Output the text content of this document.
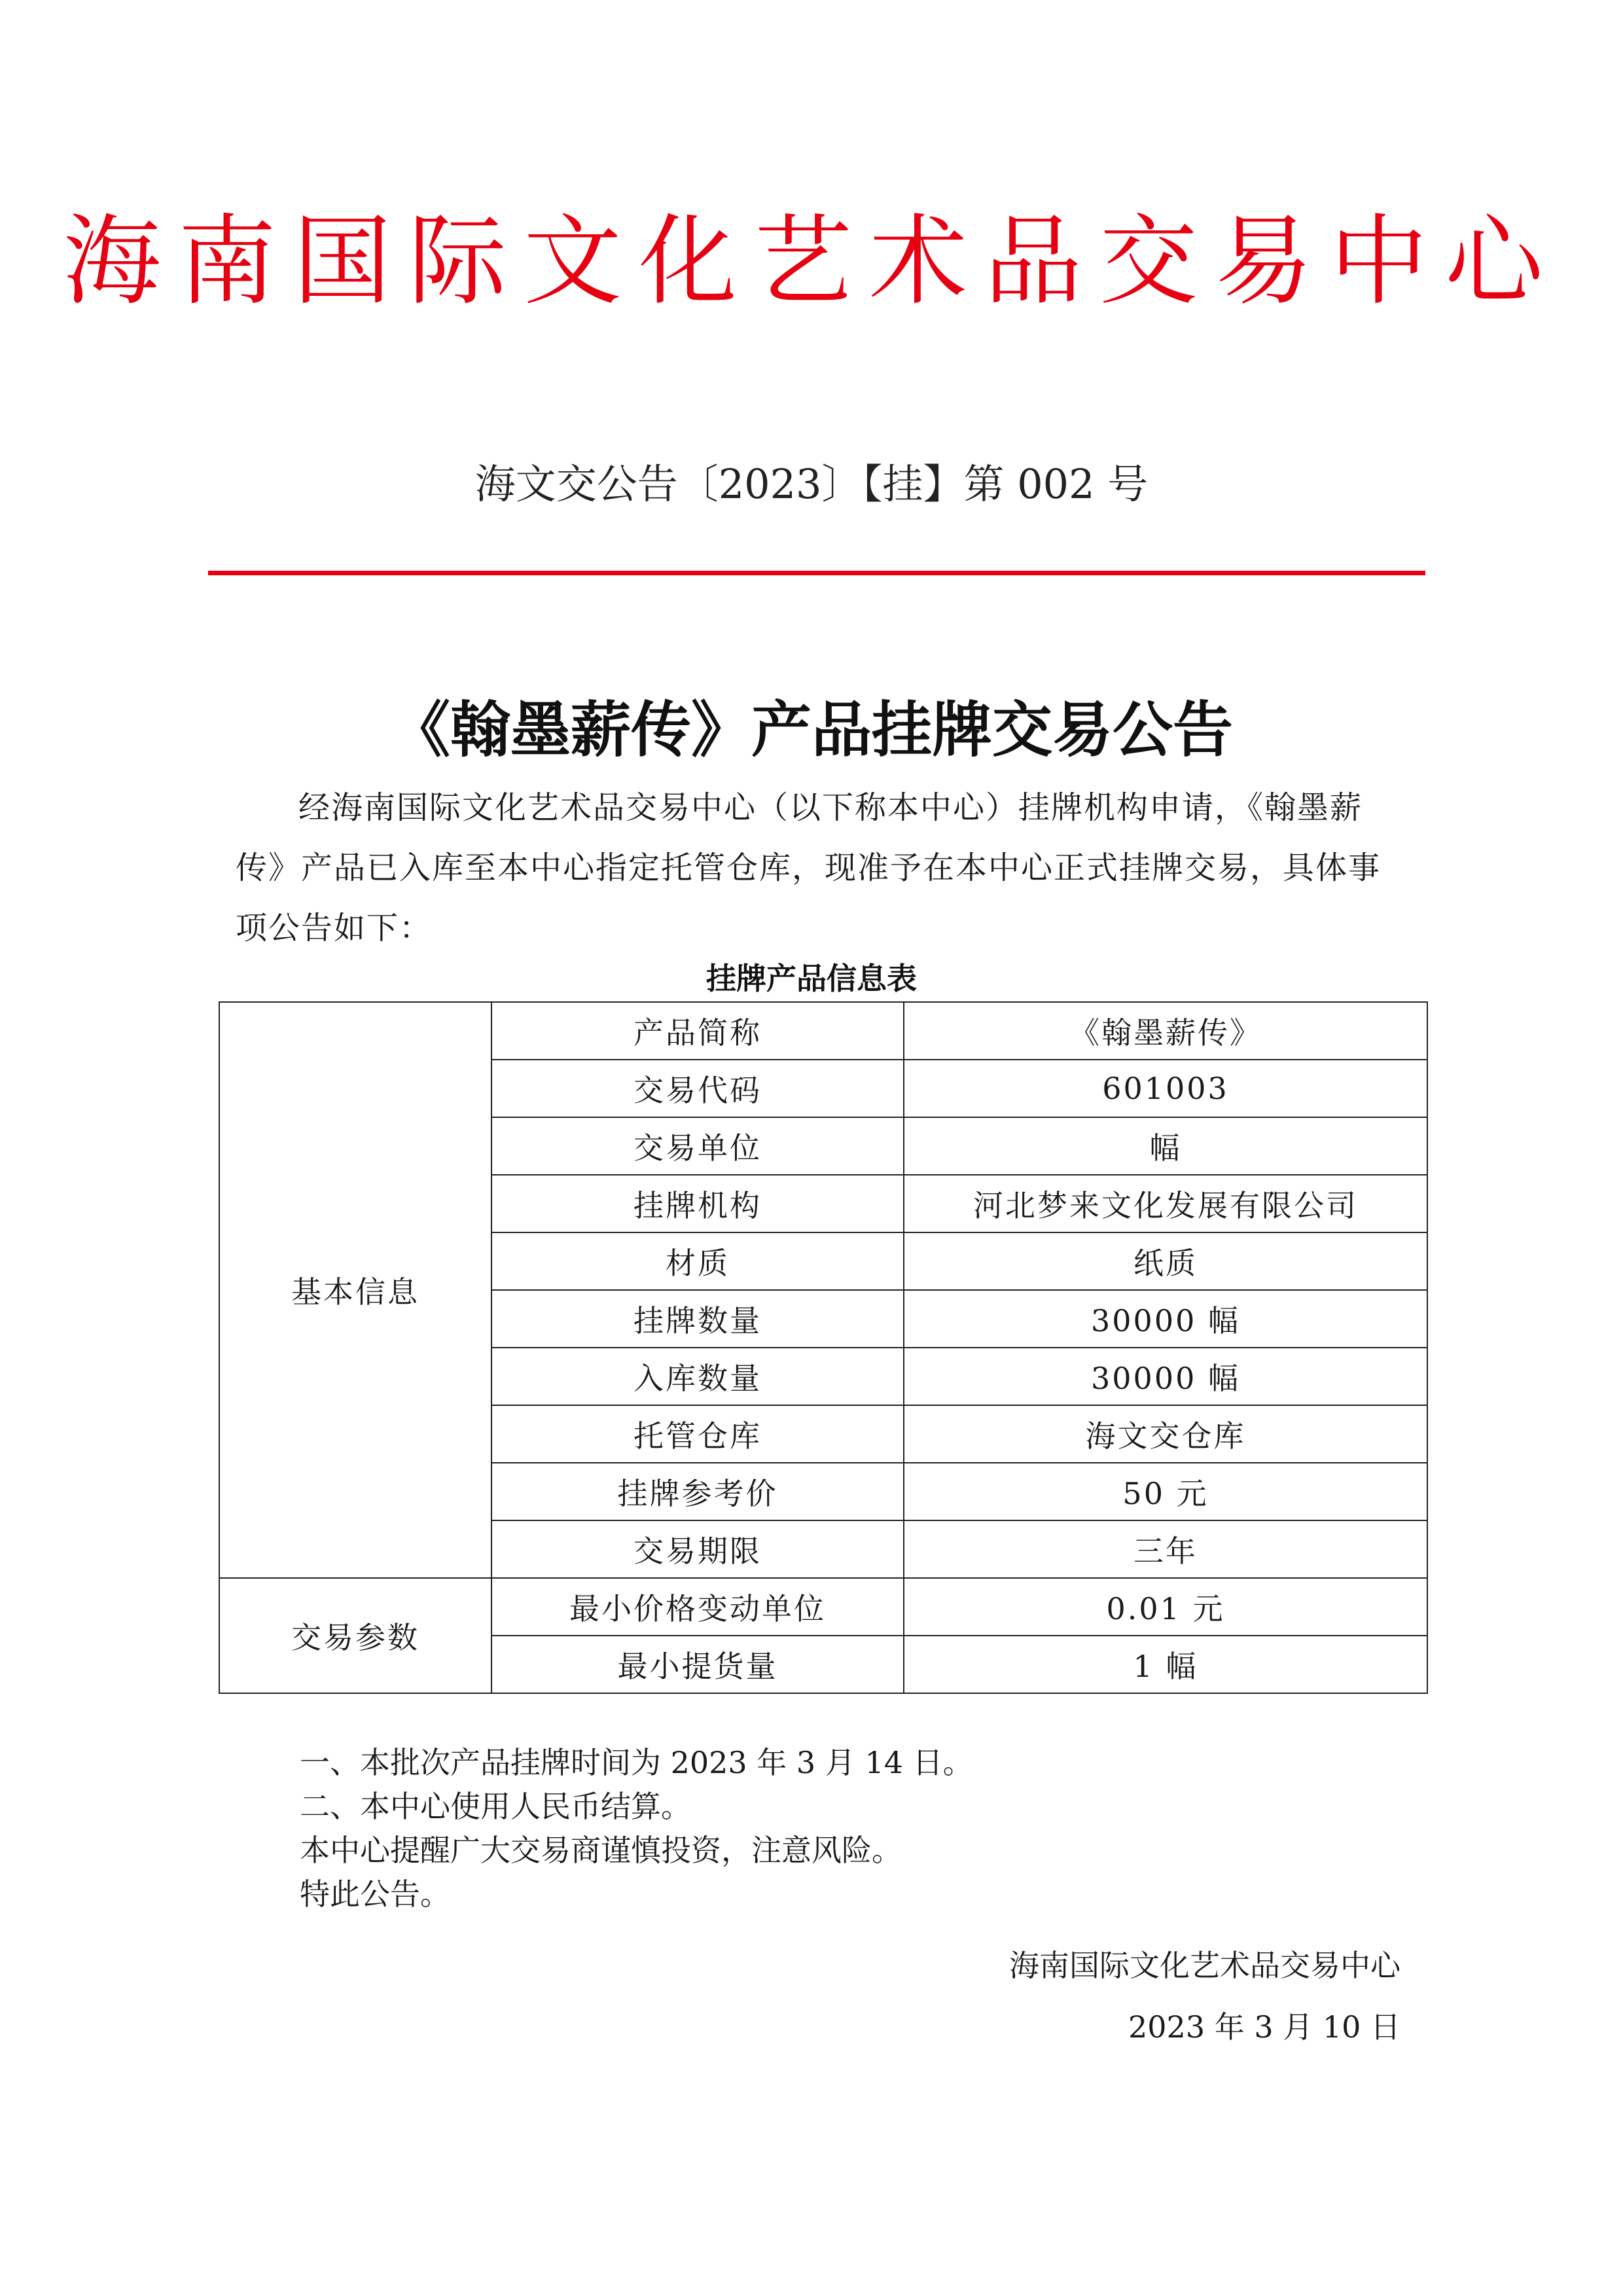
海南国际文化艺术品交易中心
海文交公告〔2023〕【挂】第 002 号
《翰墨薪传》产品挂牌交易公告

经海南国际文化艺术品交易中心（以下称本中心）挂牌机构申请，《翰墨薪传》产品已入库至本中心指定托管仓库，现准予在本中心正式挂牌交易，具体事项公告如下：

挂牌产品信息表
基本信息	产品简称	《翰墨薪传》
	交易代码	601003
	交易单位	幅
	挂牌机构	河北梦来文化发展有限公司
	材质	纸质
	挂牌数量	30000 幅
	入库数量	30000 幅
	托管仓库	海文交仓库
	挂牌参考价	50 元
	交易期限	三年
交易参数	最小价格变动单位	0.01 元
	最小提货量	1 幅
一、本批次产品挂牌时间为 2023 年 3 月 14 日。
二、本中心使用人民币结算。
本中心提醒广大交易商谨慎投资，注意风险。
特此公告。
海南国际文化艺术品交易中心
2023 年 3 月 10 日
